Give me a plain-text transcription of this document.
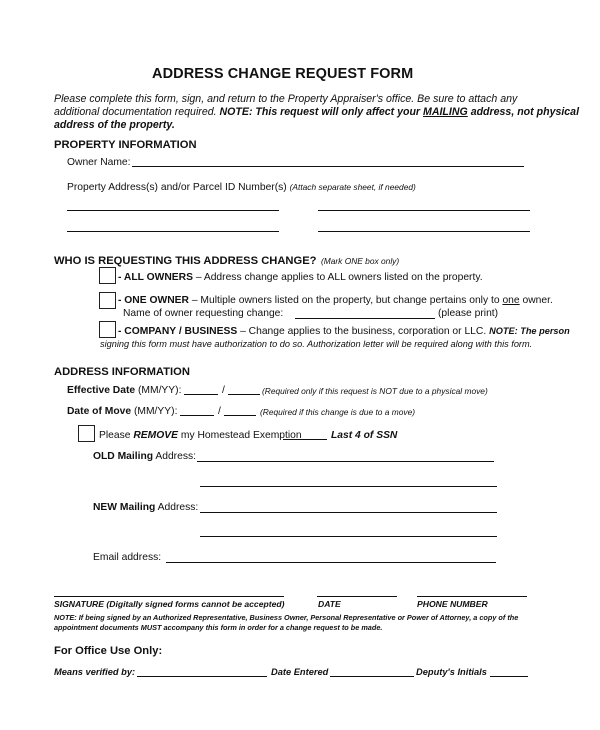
ADDRESS CHANGE REQUEST FORM
Please complete this form, sign, and return to the Property Appraiser's office. Be sure to attach any
additional documentation required. NOTE: This request will only affect your MAILING address, not physical
address of the property.
PROPERTY INFORMATION
Owner Name:
Property Address(s) and/or Parcel ID Number(s) (Attach separate sheet, if needed)
WHO IS REQUESTING THIS ADDRESS CHANGE? (Mark ONE box only)
- ALL OWNERS – Address change applies to ALL owners listed on the property.
- ONE OWNER – Multiple owners listed on the property, but change pertains only to one owner.
Name of owner requesting change:	(please print)
- COMPANY / BUSINESS – Change applies to the business, corporation or LLC. NOTE: The person
signing this form must have authorization to do so. Authorization letter will be required along with this form.
ADDRESS INFORMATION
Effective Date (MM/YY):	/	(Required only if this request is NOT due to a physical move)
Date of Move (MM/YY):	/	(Required if this change is due to a move)
Please REMOVE my Homestead Exemption	Last 4 of SSN
OLD Mailing Address:
NEW Mailing Address:
Email address:
SIGNATURE (Digitally signed forms cannot be accepted)	DATE	PHONE NUMBER
NOTE: If being signed by an Authorized Representative, Business Owner, Personal Representative or Power of Attorney, a copy of the
appointment documents MUST accompany this form in order for a change request to be made.
For Office Use Only:
Means verified by:	Date Entered	Deputy's Initials
